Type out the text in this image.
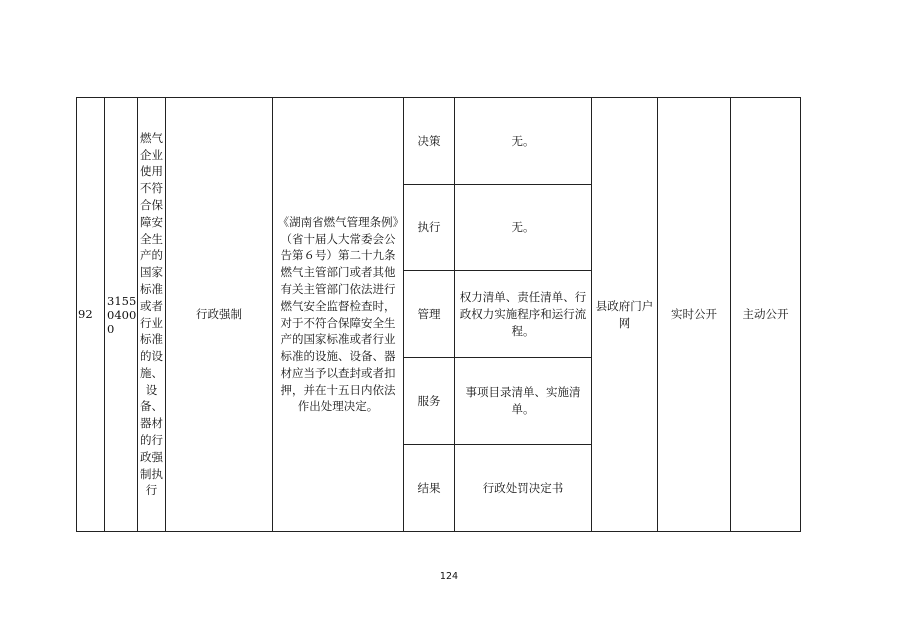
92	315504000	燃气企业使用不符合保障安全生产的国家标准或者行业标准的设施、设备、器材的行政强制执行	行政强制	《湖南省燃气管理条例》（省十届人大常委会公告第６号）第二十九条 燃气主管部门或者其他有关主管部门依法进行燃气安全监督检查时，对于不符合保障安全生产的国家标准或者行业标准的设施、设备、器材应当予以查封或者扣押，并在十五日内依法作出处理决定。	决策	无。	县政府门户网	实时公开	主动公开
					执行	无。			
					管理	权力清单、责任清单、行政权力实施程序和运行流程。			
					服务	事项目录清单、实施清单。			
					结果	行政处罚决定书			
124
